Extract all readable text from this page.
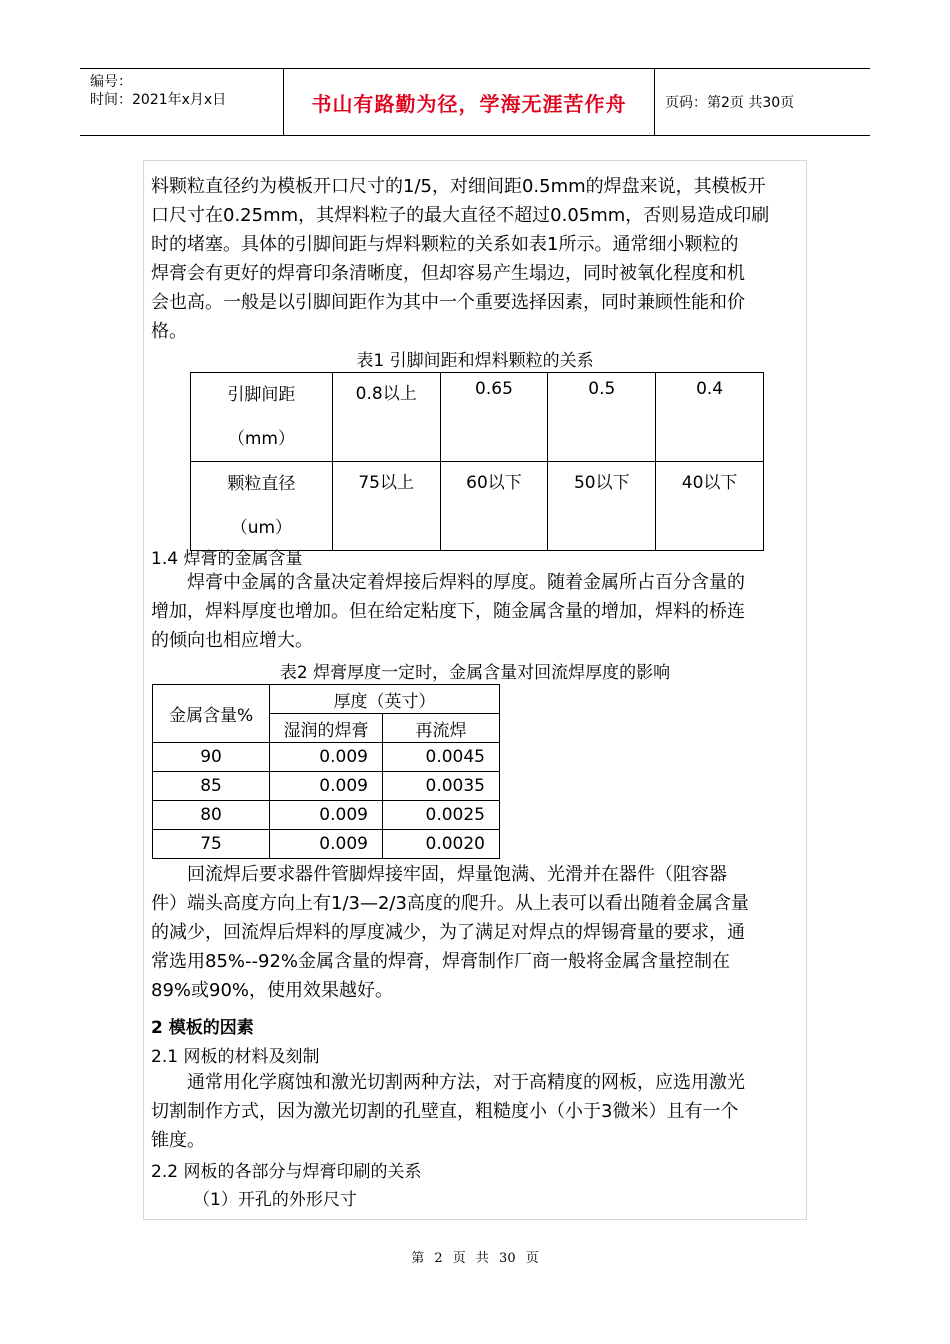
编号：
时间：2021年x月x日	书山有路勤为径，学海无涯苦作舟	页码：第2页 共30页
料颗粒直径约为模板开口尺寸的1/5，对细间距0.5mm的焊盘来说，其模板开
口尺寸在0.25mm，其焊料粒子的最大直径不超过0.05mm，否则易造成印刷
时的堵塞。具体的引脚间距与焊料颗粒的关系如表1所示。通常细小颗粒的
焊膏会有更好的焊膏印条清晰度，但却容易产生塌边，同时被氧化程度和机
会也高。一般是以引脚间距作为其中一个重要选择因素，同时兼顾性能和价
格。
表1 引脚间距和焊料颗粒的关系
引脚间距
（mm）	0.8以上	0.65	0.5	0.4

颗粒直径
（um）	75以上	60以下	50以下	40以下
1.4 焊膏的金属含量
焊膏中金属的含量决定着焊接后焊料的厚度。随着金属所占百分含量的
增加，焊料厚度也增加。但在给定粘度下，随金属含量的增加，焊料的桥连
的倾向也相应增大。
表2 焊膏厚度一定时，金属含量对回流焊厚度的影响
金属含量%	厚度（英寸）	
	湿润的焊膏	再流焊
90	0.009	0.0045
85	0.009	0.0035
80	0.009	0.0025
75	0.009	0.0020
回流焊后要求器件管脚焊接牢固，焊量饱满、光滑并在器件（阻容器
件）端头高度方向上有1/3—2/3高度的爬升。从上表可以看出随着金属含量
的减少，回流焊后焊料的厚度减少，为了满足对焊点的焊锡膏量的要求，通
常选用85%--92%金属含量的焊膏，焊膏制作厂商一般将金属含量控制在
89%或90%，使用效果越好。
2 模板的因素
2.1 网板的材料及刻制
通常用化学腐蚀和激光切割两种方法，对于高精度的网板，应选用激光
切割制作方式，因为激光切割的孔壁直，粗糙度小（小于3微米）且有一个
锥度。
2.2 网板的各部分与焊膏印刷的关系
（1）开孔的外形尺寸
第 2 页 共 30 页
